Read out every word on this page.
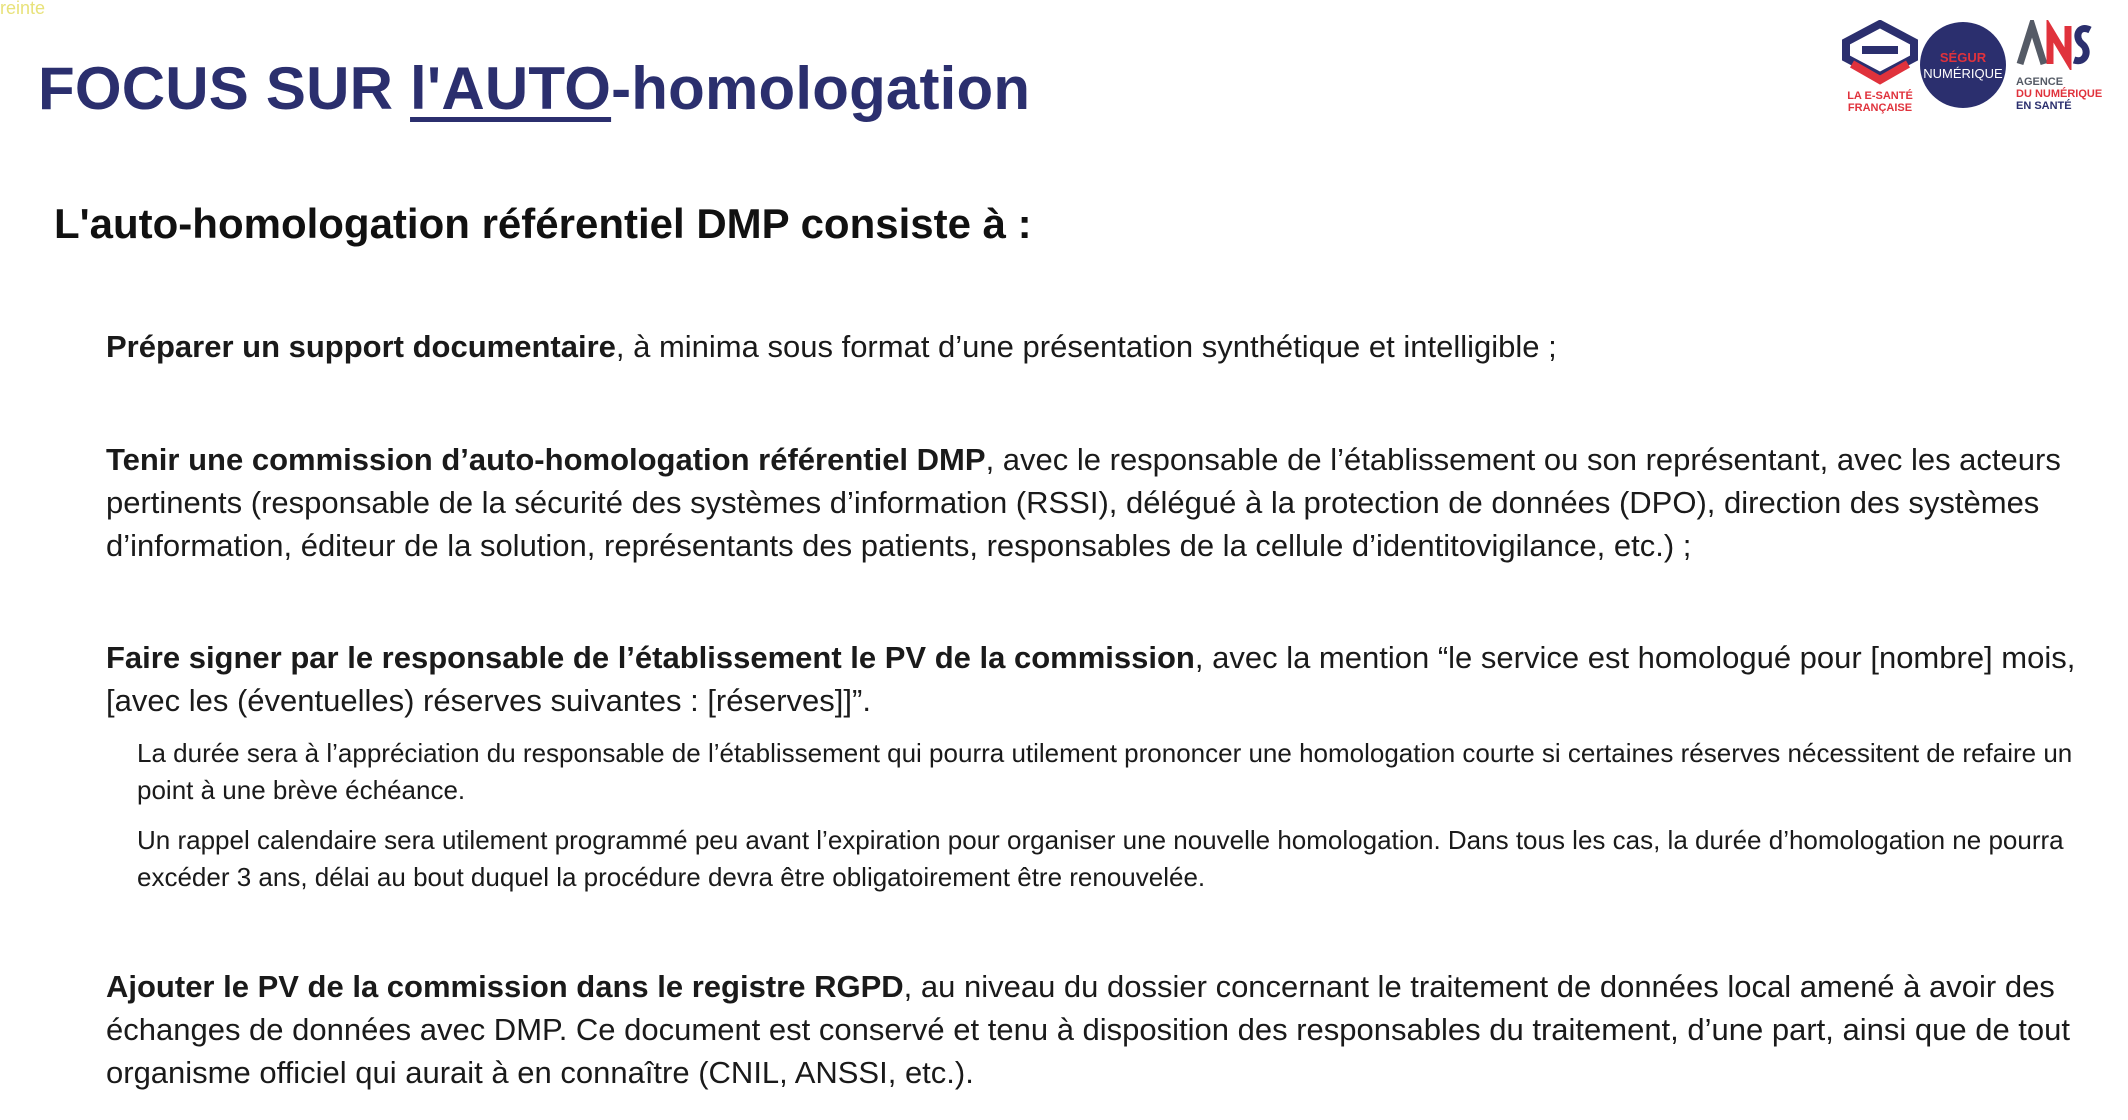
reinte
FOCUS SUR l'AUTO-homologation	LA E-SANTÉ
FRANÇAISE
SÉGUR
NUMÉRIQUE
AGENCE
DU NUMÉRIQUE
EN SANTÉ
L'auto-homologation référentiel DMP consiste à :

Préparer un support documentaire, à minima sous format d’une présentation synthétique et intelligible ;

Tenir une commission d’auto-homologation référentiel DMP, avec le responsable de l’établissement ou son représentant, avec les acteurs pertinents (responsable de la sécurité des systèmes d’information (RSSI), délégué à la protection de données (DPO), direction des systèmes d’information, éditeur de la solution, représentants des patients, responsables de la cellule d’identitovigilance, etc.) ;

Faire signer par le responsable de l’établissement le PV de la commission, avec la mention “le service est homologué pour [nombre] mois, [avec les (éventuelles) réserves suivantes : [réserves]]”.

La durée sera à l’appréciation du responsable de l’établissement qui pourra utilement prononcer une homologation courte si certaines réserves nécessitent de refaire un point à une brève échéance.

Un rappel calendaire sera utilement programmé peu avant l’expiration pour organiser une nouvelle homologation. Dans tous les cas, la durée d’homologation ne pourra excéder 3 ans, délai au bout duquel la procédure devra être obligatoirement être renouvelée.

Ajouter le PV de la commission dans le registre RGPD, au niveau du dossier concernant le traitement de données local amené à avoir des échanges de données avec DMP. Ce document est conservé et tenu à disposition des responsables du traitement, d’une part, ainsi que de tout organisme officiel qui aurait à en connaître (CNIL, ANSSI, etc.).
